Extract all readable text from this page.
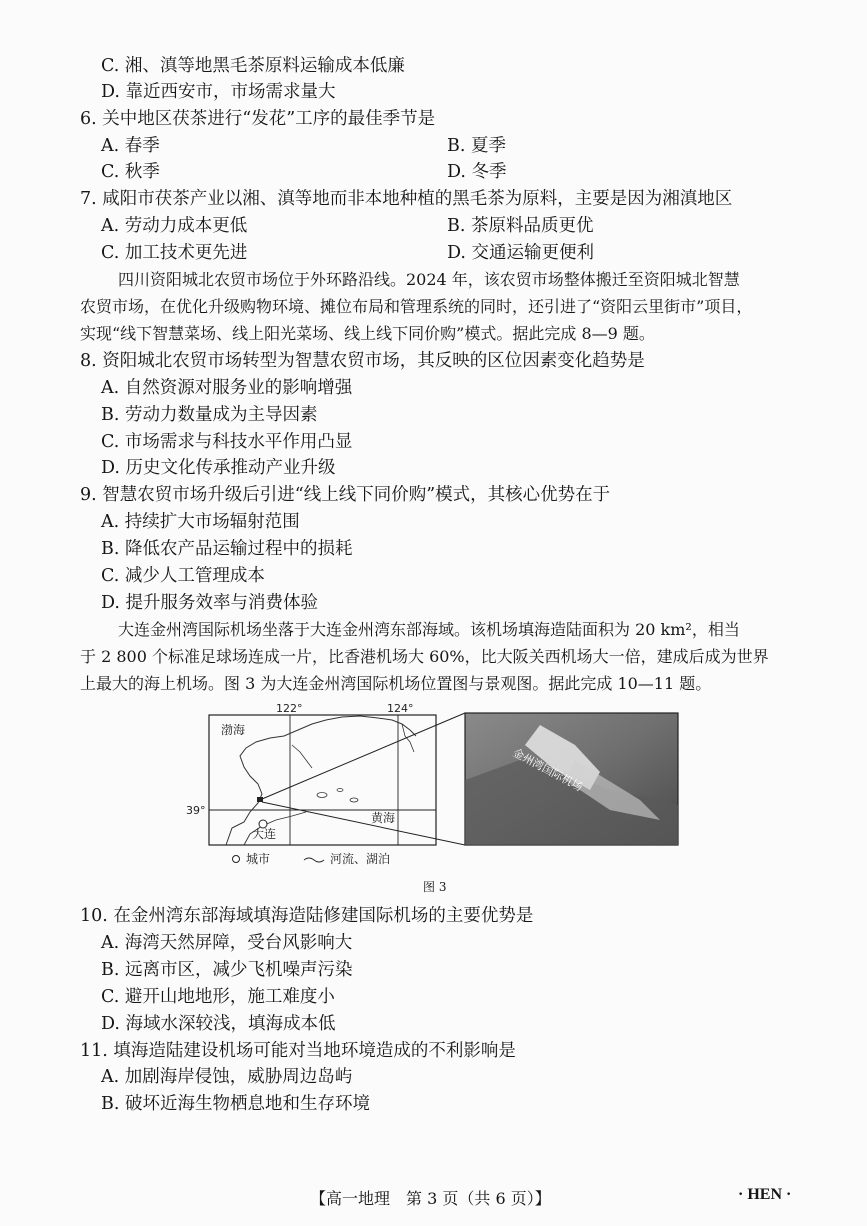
C. 湘、滇等地黑毛茶原料运输成本低廉
D. 靠近西安市，市场需求量大
6. 关中地区茯茶进行“发花”工序的最佳季节是
A. 春季	B. 夏季
C. 秋季	D. 冬季
7. 咸阳市茯茶产业以湘、滇等地而非本地种植的黑毛茶为原料，主要是因为湘滇地区
A. 劳动力成本更低	B. 茶原料品质更优
C. 加工技术更先进	D. 交通运输更便利
四川资阳城北农贸市场位于外环路沿线。2024 年，该农贸市场整体搬迁至资阳城北智慧
农贸市场，在优化升级购物环境、摊位布局和管理系统的同时，还引进了“资阳云里街市”项目，
实现“线下智慧菜场、线上阳光菜场、线上线下同价购”模式。据此完成 8—9 题。
8. 资阳城北农贸市场转型为智慧农贸市场，其反映的区位因素变化趋势是
A. 自然资源对服务业的影响增强
B. 劳动力数量成为主导因素
C. 市场需求与科技水平作用凸显
D. 历史文化传承推动产业升级
9. 智慧农贸市场升级后引进“线上线下同价购”模式，其核心优势在于
A. 持续扩大市场辐射范围
B. 降低农产品运输过程中的损耗
C. 减少人工管理成本
D. 提升服务效率与消费体验
大连金州湾国际机场坐落于大连金州湾东部海域。该机场填海造陆面积为 20 km²，相当
于 2 800 个标准足球场连成一片，比香港机场大 60%，比大阪关西机场大一倍，建成后成为世界
上最大的海上机场。图 3 为大连金州湾国际机场位置图与景观图。据此完成 10—11 题。
渤海
122°	124°
39°
黄海
大连
金州湾国际机场
城市	河流、湖泊
图 3
10. 在金州湾东部海域填海造陆修建国际机场的主要优势是
A. 海湾天然屏障，受台风影响大
B. 远离市区，减少飞机噪声污染
C. 避开山地地形，施工难度小
D. 海域水深较浅，填海成本低
11. 填海造陆建设机场可能对当地环境造成的不利影响是
A. 加剧海岸侵蚀，威胁周边岛屿
B. 破坏近海生物栖息地和生存环境
【高一地理　第 3 页（共 6 页）】	· HEN ·
